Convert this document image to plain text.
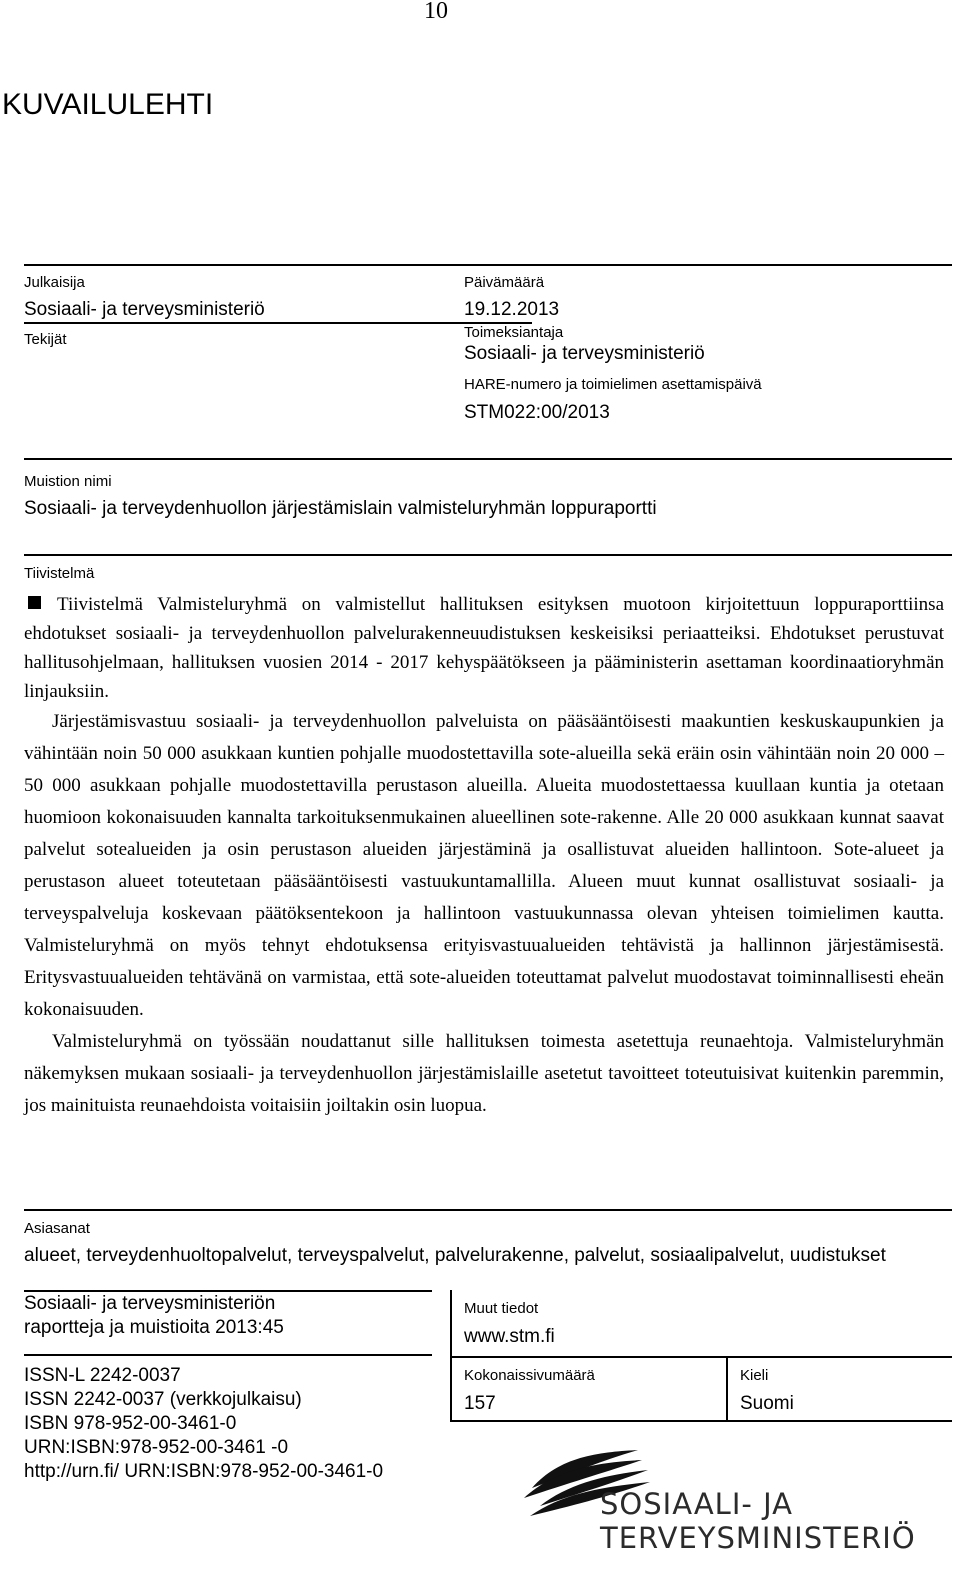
10
KUVAILULEHTI
Julkaisija
Sosiaali- ja terveysministeriö
Päivämäärä
19.12.2013
Tekijät	Toimeksiantaja
Sosiaali- ja terveysministeriö
HARE-numero ja toimielimen asettamispäivä
STM022:00/2013
Muistion nimi
Sosiaali- ja terveydenhuollon järjestämislain valmisteluryhmän loppuraportti
Tiivistelmä

Tiivistelmä Valmisteluryhmä on valmistellut hallituksen esityksen muotoon kirjoitettuun loppuraporttiinsa ehdotukset sosiaali- ja terveydenhuollon palvelurakenneuudistuksen keskeisiksi periaatteiksi. Ehdotukset perustuvat hallitusohjelmaan, hallituksen vuosien 2014 - 2017 kehyspäätökseen ja pääministerin asettaman koordinaatioryhmän linjauksiin.

Järjestämisvastuu sosiaali- ja terveydenhuollon palveluista on pääsääntöisesti maakuntien keskuskaupunkien ja vähintään noin 50 000 asukkaan kuntien pohjalle muodostettavilla sote-alueilla sekä eräin osin vähintään noin 20 000 – 50 000 asukkaan pohjalle muodostettavilla perustason alueilla. Alueita muodostettaessa kuullaan kuntia ja otetaan huomioon kokonaisuuden kannalta tarkoituksenmukainen alueellinen sote-rakenne. Alle 20 000 asukkaan kunnat saavat palvelut sotealueiden ja osin perustason alueiden järjestäminä ja osallistuvat alueiden hallintoon. Sote-alueet ja perustason alueet toteutetaan pääsääntöisesti vastuukuntamallilla. Alueen muut kunnat osallistuvat sosiaali- ja terveyspalveluja koskevaan päätöksentekoon ja hallintoon vastuukunnassa olevan yhteisen toimielimen kautta. Valmisteluryhmä on myös tehnyt ehdotuksensa erityisvastuualueiden tehtävistä ja hallinnon järjestämisestä. Eritysvastuualueiden tehtävänä on varmistaa, että sote-alueiden toteuttamat palvelut muodostavat toiminnallisesti eheän kokonaisuuden.

Valmisteluryhmä on työssään noudattanut sille hallituksen toimesta asetettuja reunaehtoja. Valmisteluryhmän näkemyksen mukaan sosiaali- ja terveydenhuollon järjestämislaille asetetut tavoitteet toteutuisivat kuitenkin paremmin, jos mainituista reunaehdoista voitaisiin joiltakin osin luopua.

Asiasanat
alueet, terveydenhuoltopalvelut, terveyspalvelut, palvelurakenne, palvelut, sosiaalipalvelut, uudistukset
Sosiaali- ja terveysministeriön
raportteja ja muistioita 2013:45
Muut tiedot
www.stm.fi
ISSN-L 2242-0037
ISSN 2242-0037 (verkkojulkaisu)
ISBN 978-952-00-3461-0
URN:ISBN:978-952-00-3461 -0
http://urn.fi/ URN:ISBN:978-952-00-3461-0
Kokonaissivumäärä
157
Kieli
Suomi
SOSIAALI- JA
TERVEYSMINISTERIÖ
